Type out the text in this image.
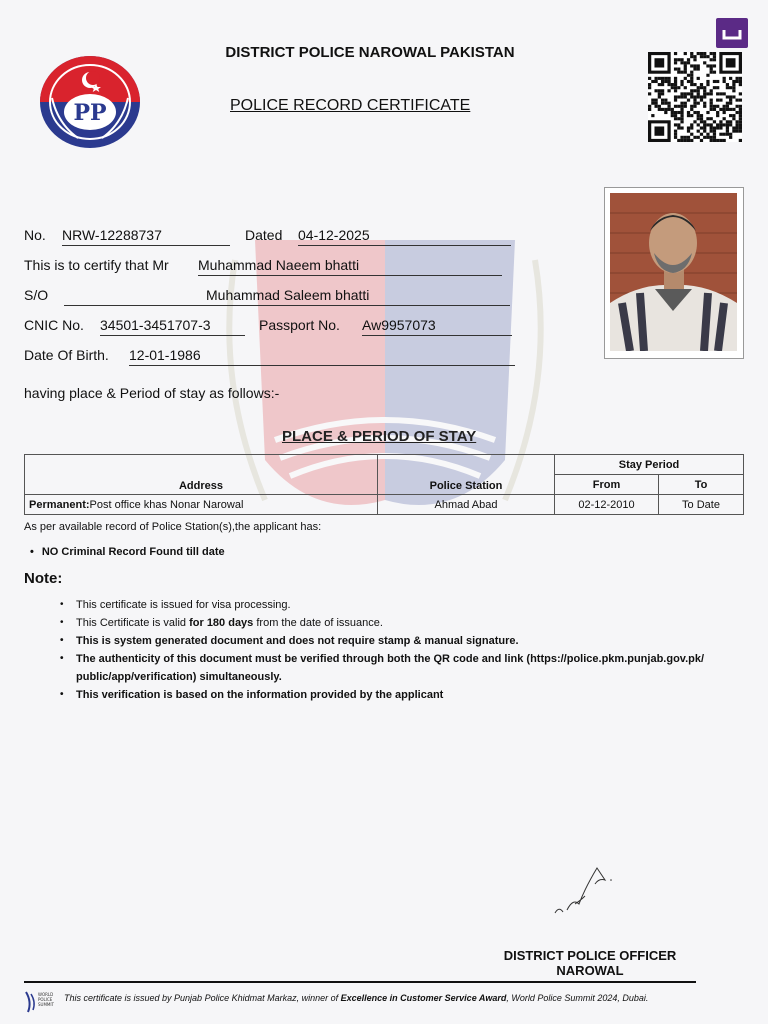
PP
DISTRICT POLICE NAROWAL PAKISTAN
POLICE RECORD CERTIFICATE
No. NRW-12288737	Dated 04-12-2025
This is to certify that Mr Muhammad Naeem bhatti
S/O	Muhammad Saleem bhatti
CNIC No. 34501-3451707-3	Passport No. Aw9957073
Date Of Birth. 12-01-1986
having place & Period of stay as follows:-
PLACE & PERIOD OF STAY
Address	Police Station	Stay Period	
		From	To
Permanent:Post office khas Nonar Narowal	Ahmad Abad	02-12-2010	To Date
As per available record of Police Station(s),the applicant has:
• NO Criminal Record Found till date
Note:
• This certificate is issued for visa processing.
• This Certificate is valid for 180 days from the date of issuance.
• This is system generated document and does not require stamp & manual signature.
• The authenticity of this document must be verified through both the QR code and link (https://police.pkm.punjab.gov.pk/
public/app/verification) simultaneously.
• This verification is based on the information provided by the applicant
DISTRICT POLICE OFFICER
NAROWAL
WORLD
POLICE
SUMMIT
This certificate is issued by Punjab Police Khidmat Markaz, winner of Excellence in Customer Service Award, World Police Summit 2024, Dubai.
